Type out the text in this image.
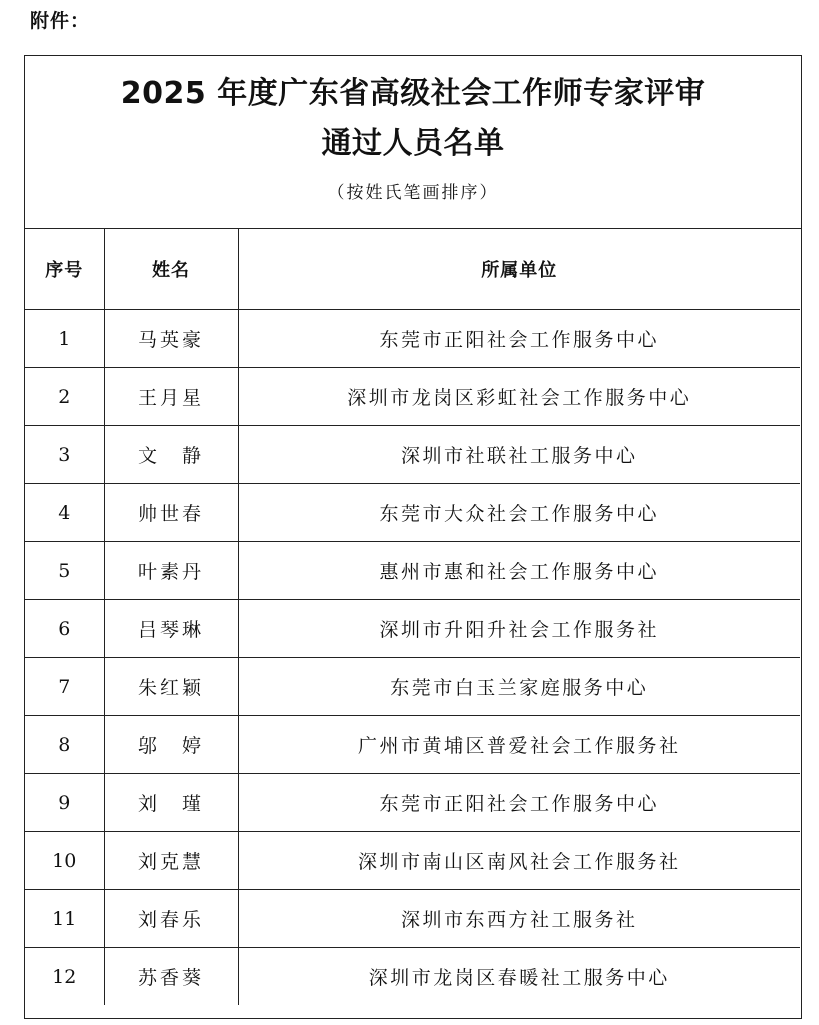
附件：
2025 年度广东省高级社会工作师专家评审
通过人员名单
（按姓氏笔画排序）
序号	姓名	所属单位
1	马英豪	东莞市正阳社会工作服务中心
2	王月星	深圳市龙岗区彩虹社会工作服务中心
3	文　静	深圳市社联社工服务中心
4	帅世春	东莞市大众社会工作服务中心
5	叶素丹	惠州市惠和社会工作服务中心
6	吕琴琳	深圳市升阳升社会工作服务社
7	朱红颖	东莞市白玉兰家庭服务中心
8	邬　婷	广州市黄埔区普爱社会工作服务社
9	刘　瑾	东莞市正阳社会工作服务中心
10	刘克慧	深圳市南山区南风社会工作服务社
11	刘春乐	深圳市东西方社工服务社
12	苏香葵	深圳市龙岗区春暖社工服务中心
